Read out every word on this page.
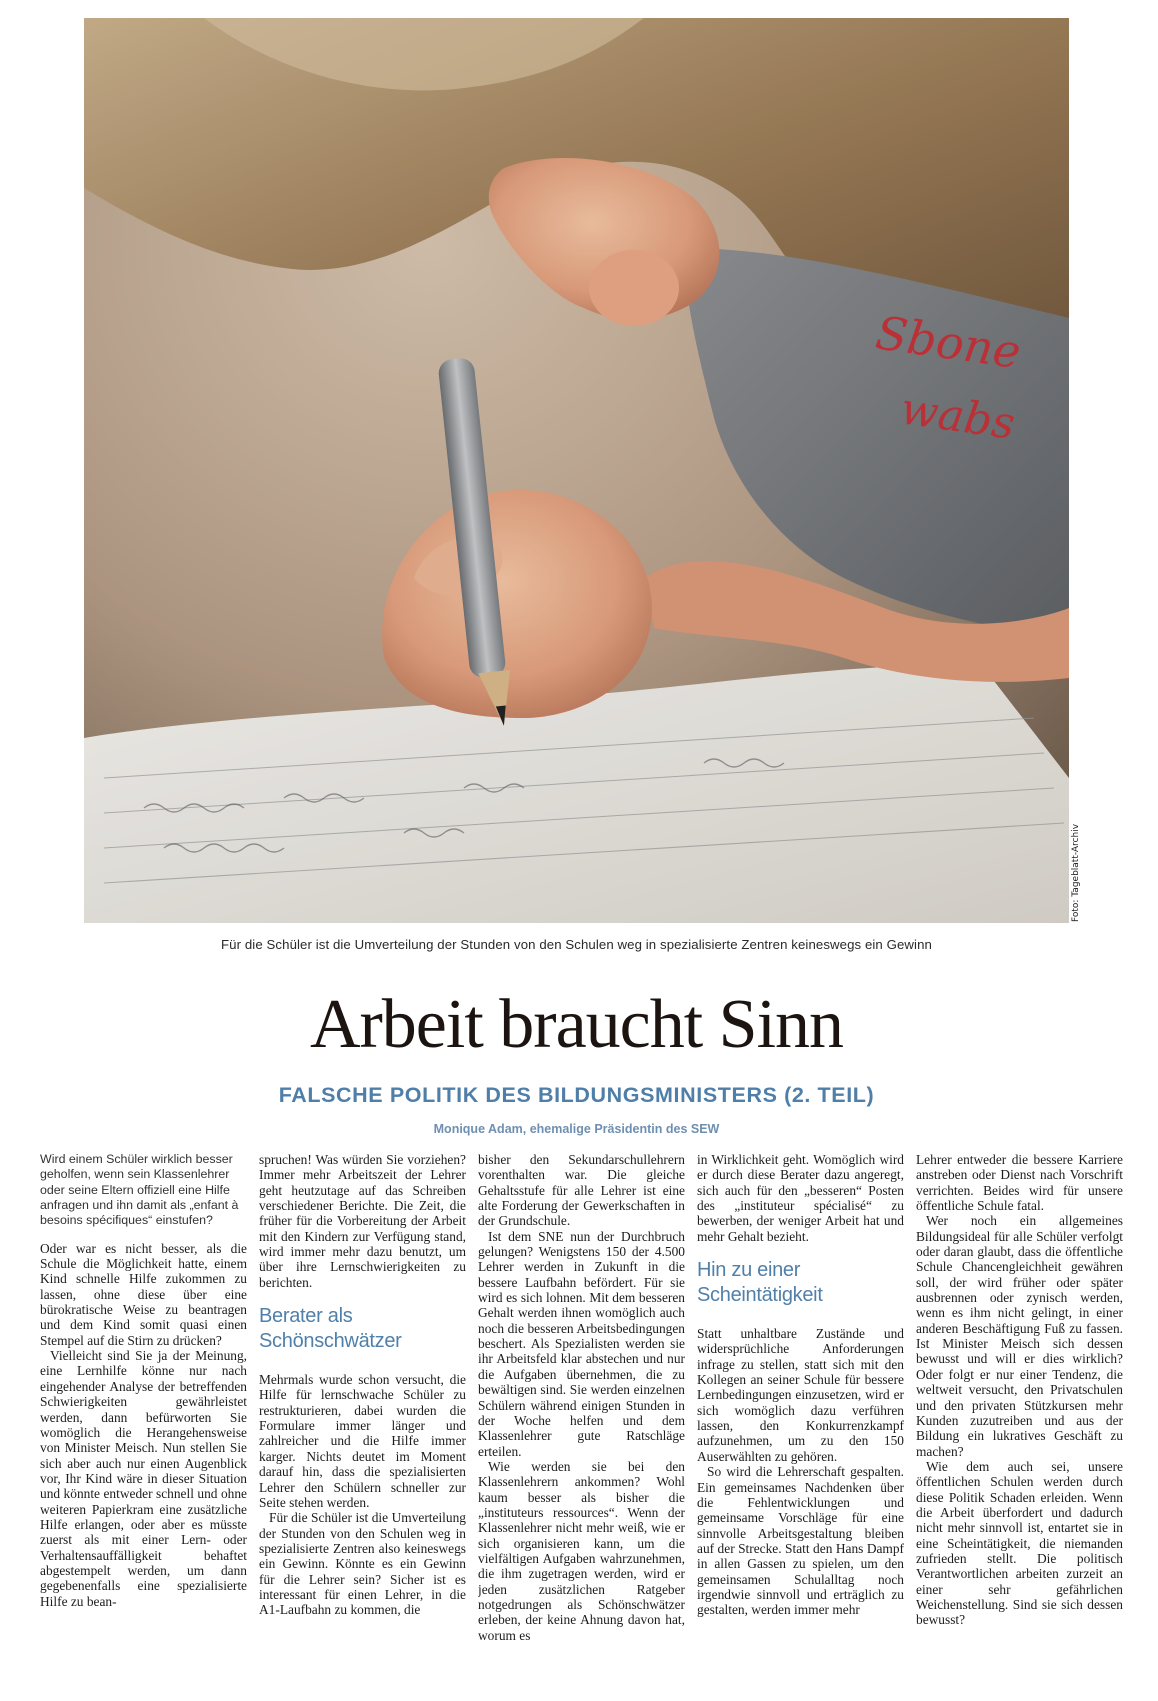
Sbone
wabs
Foto: Tageblatt-Archiv
Für die Schüler ist die Umverteilung der Stunden von den Schulen weg in spezialisierte Zentren keineswegs ein Gewinn
Arbeit braucht Sinn
FALSCHE POLITIK DES BILDUNGSMINISTERS (2. TEIL)
Monique Adam, ehemalige Präsidentin des SEW

Wird einem Schüler wirklich besser geholfen, wenn sein Klassenlehrer oder seine Eltern offiziell eine Hilfe anfragen und ihn damit als „enfant à besoins spécifiques“ einstufen?

Oder war es nicht besser, als die Schule die Möglichkeit hatte, einem Kind schnelle Hilfe zukommen zu lassen, ohne diese über eine bürokratische Weise zu beantragen und dem Kind somit quasi einen Stempel auf die Stirn zu drücken?

Vielleicht sind Sie ja der Meinung, eine Lernhilfe könne nur nach eingehender Analyse der betreffenden Schwierigkeiten gewährleistet werden, dann befürworten Sie womöglich die Herangehensweise von Minister Meisch. Nun stellen Sie sich aber auch nur einen Augenblick vor, Ihr Kind wäre in dieser Situation und könnte entweder schnell und ohne weiteren Papierkram eine zusätzliche Hilfe erlangen, oder aber es müsste zuerst als mit einer Lern- oder Verhaltensauffälligkeit behaftet abgestempelt werden, um dann gegebenenfalls eine spezialisierte Hilfe zu bean-

spruchen! Was würden Sie vorziehen? Immer mehr Arbeitszeit der Lehrer geht heutzutage auf das Schreiben verschiedener Berichte. Die Zeit, die früher für die Vorbereitung der Arbeit mit den Kindern zur Verfügung stand, wird immer mehr dazu benutzt, um über ihre Lernschwierigkeiten zu berichten.

Berater als Schönschwätzer

Mehrmals wurde schon versucht, die Hilfe für lernschwache Schüler zu restrukturieren, dabei wurden die Formulare immer länger und zahlreicher und die Hilfe immer karger. Nichts deutet im Moment darauf hin, dass die spezialisierten Lehrer den Schülern schneller zur Seite stehen werden.

Für die Schüler ist die Umverteilung der Stunden von den Schulen weg in spezialisierte Zentren also keineswegs ein Gewinn. Könnte es ein Gewinn für die Lehrer sein? Sicher ist es interessant für einen Lehrer, in die A1-Laufbahn zu kommen, die

bisher den Sekundarschullehrern vorenthalten war. Die gleiche Gehaltsstufe für alle Lehrer ist eine alte Forderung der Gewerkschaften in der Grundschule.

Ist dem SNE nun der Durchbruch gelungen? Wenigstens 150 der 4.500 Lehrer werden in Zukunft in die bessere Laufbahn befördert. Für sie wird es sich lohnen. Mit dem besseren Gehalt werden ihnen womöglich auch noch die besseren Arbeitsbedingungen beschert. Als Spezialisten werden sie ihr Arbeitsfeld klar abstechen und nur die Aufgaben übernehmen, die zu bewältigen sind. Sie werden einzelnen Schülern während einigen Stunden in der Woche helfen und dem Klassenlehrer gute Ratschläge erteilen.

Wie werden sie bei den Klassenlehrern ankommen? Wohl kaum besser als bisher die „instituteurs ressources“. Wenn der Klassenlehrer nicht mehr weiß, wie er sich organisieren kann, um die vielfältigen Aufgaben wahrzunehmen, die ihm zugetragen werden, wird er jeden zusätzlichen Ratgeber notgedrungen als Schönschwätzer erleben, der keine Ahnung davon hat, worum es

in Wirklichkeit geht. Womöglich wird er durch diese Berater dazu angeregt, sich auch für den „besseren“ Posten des „instituteur spécialisé“ zu bewerben, der weniger Arbeit hat und mehr Gehalt bezieht.

Hin zu einer Scheintätigkeit

Statt unhaltbare Zustände und widersprüchliche Anforderungen infrage zu stellen, statt sich mit den Kollegen an seiner Schule für bessere Lernbedingungen einzusetzen, wird er sich womöglich dazu verführen lassen, den Konkurrenzkampf aufzunehmen, um zu den 150 Auserwählten zu gehören.

So wird die Lehrerschaft gespalten. Ein gemeinsames Nachdenken über die Fehlentwicklungen und gemeinsame Vorschläge für eine sinnvolle Arbeitsgestaltung bleiben auf der Strecke. Statt den Hans Dampf in allen Gassen zu spielen, um den gemeinsamen Schulalltag noch irgendwie sinnvoll und erträglich zu gestalten, werden immer mehr

Lehrer entweder die bessere Karriere anstreben oder Dienst nach Vorschrift verrichten. Beides wird für unsere öffentliche Schule fatal.

Wer noch ein allgemeines Bildungsideal für alle Schüler verfolgt oder daran glaubt, dass die öffentliche Schule Chancengleichheit gewähren soll, der wird früher oder später ausbrennen oder zynisch werden, wenn es ihm nicht gelingt, in einer anderen Beschäftigung Fuß zu fassen. Ist Minister Meisch sich dessen bewusst und will er dies wirklich? Oder folgt er nur einer Tendenz, die weltweit versucht, den Privatschulen und den privaten Stützkursen mehr Kunden zuzutreiben und aus der Bildung ein lukratives Geschäft zu machen?

Wie dem auch sei, unsere öffentlichen Schulen werden durch diese Politik Schaden erleiden. Wenn die Arbeit überfordert und dadurch nicht mehr sinnvoll ist, entartet sie in eine Scheintätigkeit, die niemanden zufrieden stellt. Die politisch Verantwortlichen arbeiten zurzeit an einer sehr gefährlichen Weichenstellung. Sind sie sich dessen bewusst?
